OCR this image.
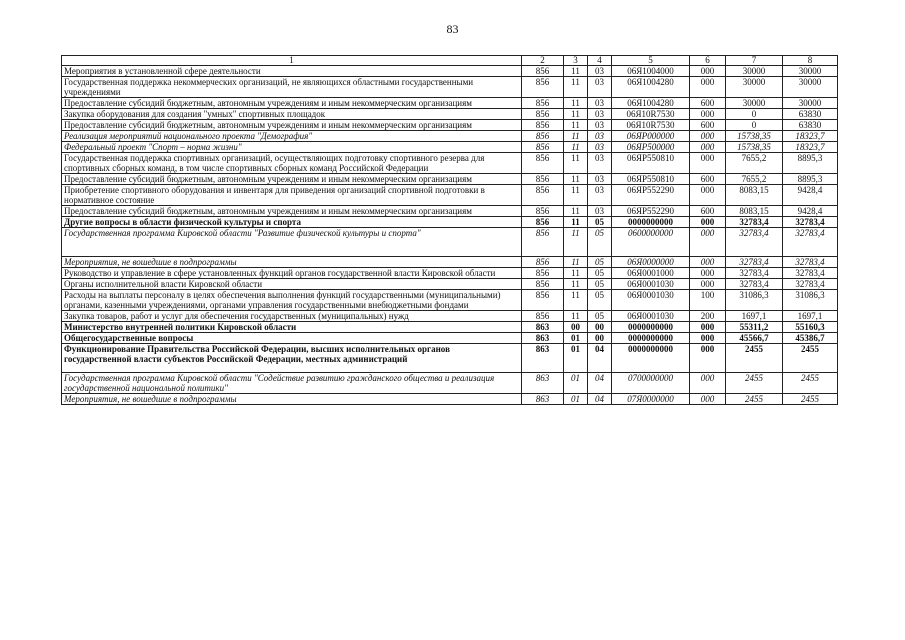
83
1	2	3	4	5	6	7	8
Мероприятия в установленной сфере деятельности	856	11	03	06Я1004000	000	30000	30000
Государственная поддержка некоммерческих организаций, не являющихся областными государственными учреждениями	856	11	03	06Я1004280	000	30000	30000
Предоставление субсидий бюджетным, автономным учреждениям и иным некоммерческим организациям	856	11	03	06Я1004280	600	30000	30000
Закупка оборудования для создания "умных" спортивных площадок	856	11	03	06Я10R7530	000	0	63830
Предоставление субсидий бюджетным, автономным учреждениям и иным некоммерческим организациям	856	11	03	06Я10R7530	600	0	63830
Реализация мероприятий национального проекта "Демография"	856	11	03	06ЯР000000	000	15738,35	18323,7
Федеральный проект "Спорт – норма жизни"	856	11	03	06ЯР500000	000	15738,35	18323,7
Государственная поддержка спортивных организаций, осуществляющих подготовку спортивного резерва для спортивных сборных команд, в том числе спортивных сборных команд Российской Федерации	856	11	03	06ЯР550810	000	7655,2	8895,3
Предоставление субсидий бюджетным, автономным учреждениям и иным некоммерческим организациям	856	11	03	06ЯР550810	600	7655,2	8895,3
Приобретение спортивного оборудования и инвентаря для приведения организаций спортивной подготовки в нормативное состояние	856	11	03	06ЯР552290	000	8083,15	9428,4
Предоставление субсидий бюджетным, автономным учреждениям и иным некоммерческим организациям	856	11	03	06ЯР552290	600	8083,15	9428,4
Другие вопросы в области физической культуры и спорта	856	11	05	0000000000	000	32783,4	32783,4
Государственная программа Кировской области "Развитие физической культуры и спорта"	856	11	05	0600000000	000	32783,4	32783,4
Мероприятия, не вошедшие в подпрограммы	856	11	05	06Я0000000	000	32783,4	32783,4
Руководство и управление в сфере установленных функций органов государственной власти Кировской области	856	11	05	06Я0001000	000	32783,4	32783,4
Органы исполнительной власти Кировской области	856	11	05	06Я0001030	000	32783,4	32783,4
Расходы на выплаты персоналу в целях обеспечения выполнения функций государственными (муниципальными) органами, казенными учреждениями, органами управления государственными внебюджетными фондами	856	11	05	06Я0001030	100	31086,3	31086,3
Закупка товаров, работ и услуг для обеспечения государственных (муниципальных) нужд	856	11	05	06Я0001030	200	1697,1	1697,1
Министерство внутренней политики Кировской области	863	00	00	0000000000	000	55311,2	55160,3
Общегосударственные вопросы	863	01	00	0000000000	000	45566,7	45386,7
Функционирование Правительства Российской Федерации, высших исполнительных органов государственной власти субъектов Российской Федерации, местных администраций	863	01	04	0000000000	000	2455	2455
Государственная программа Кировской области "Содействие развитию гражданского общества и реализация государственной национальной политики"	863	01	04	0700000000	000	2455	2455
Мероприятия, не вошедшие в подпрограммы	863	01	04	07Я0000000	000	2455	2455
